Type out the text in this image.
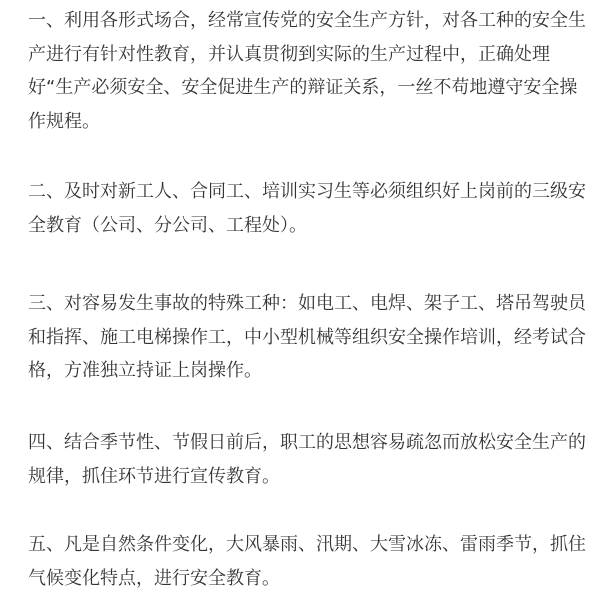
一、利用各形式场合，经常宣传党的安全生产方针，对各工种的安全生产进行有针对性教育，并认真贯彻到实际的生产过程中，正确处理好“生产必须安全、安全促进生产的辩证关系，一丝不苟地遵守安全操作规程。

二、及时对新工人、合同工、培训实习生等必须组织好上岗前的三级安全教育（公司、分公司、工程处）。

三、对容易发生事故的特殊工种：如电工、电焊、架子工、塔吊驾驶员和指挥、施工电梯操作工，中小型机械等组织安全操作培训，经考试合格，方准独立持证上岗操作。

四、结合季节性、节假日前后，职工的思想容易疏忽而放松安全生产的规律，抓住环节进行宣传教育。

五、凡是自然条件变化，大风暴雨、汛期、大雪冰冻、雷雨季节，抓住气候变化特点，进行安全教育。
